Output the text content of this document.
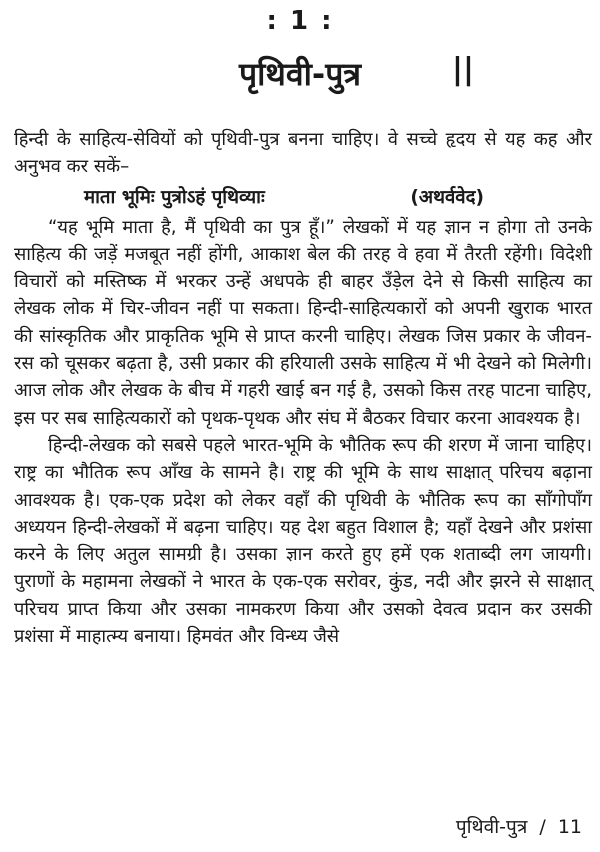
: 1 :
पृथिवी-पुत्र	||

हिन्दी के साहित्य-सेवियों को पृथिवी-पुत्र बनना चाहिए। वे सच्चे हृदय से यह कह और अनुभव कर सकें–

माता भूमिः पुत्रोऽहं पृथिव्याः	(अथर्ववेद)

“यह भूमि माता है, मैं पृथिवी का पुत्र हूँ।” लेखकों में यह ज्ञान न होगा तो उनके साहित्य की जड़ें मजबूत नहीं होंगी, आकाश बेल की तरह वे हवा में तैरती रहेंगी। विदेशी विचारों को मस्तिष्क में भरकर उन्हें अधपके ही बाहर उँड़ेल देने से किसी साहित्य का लेखक लोक में चिर-जीवन नहीं पा सकता। हिन्दी-साहित्यकारों को अपनी खुराक भारत की सांस्कृतिक और प्राकृतिक भूमि से प्राप्त करनी चाहिए। लेखक जिस प्रकार के जीवन-रस को चूसकर बढ़ता है, उसी प्रकार की हरियाली उसके साहित्य में भी देखने को मिलेगी। आज लोक और लेखक के बीच में गहरी खाई बन गई है, उसको किस तरह पाटना चाहिए, इस पर सब साहित्यकारों को पृथक-पृथक और संघ में बैठकर विचार करना आवश्यक है।

हिन्दी-लेखक को सबसे पहले भारत-भूमि के भौतिक रूप की शरण में जाना चाहिए। राष्ट्र का भौतिक रूप आँख के सामने है। राष्ट्र की भूमि के साथ साक्षात् परिचय बढ़ाना आवश्यक है। एक-एक प्रदेश को लेकर वहाँ की पृथिवी के भौतिक रूप का साँगोपाँग अध्ययन हिन्दी-लेखकों में बढ़ना चाहिए। यह देश बहुत विशाल है; यहाँ देखने और प्रशंसा करने के लिए अतुल सामग्री है। उसका ज्ञान करते हुए हमें एक शताब्दी लग जायगी। पुराणों के महामना लेखकों ने भारत के एक-एक सरोवर, कुंड, नदी और झरने से साक्षात् परिचय प्राप्त किया और उसका नामकरण किया और उसको देवत्व प्रदान कर उसकी प्रशंसा में माहात्म्य बनाया। हिमवंत और विन्ध्य जैसे

पृथिवी-पुत्र / 11
